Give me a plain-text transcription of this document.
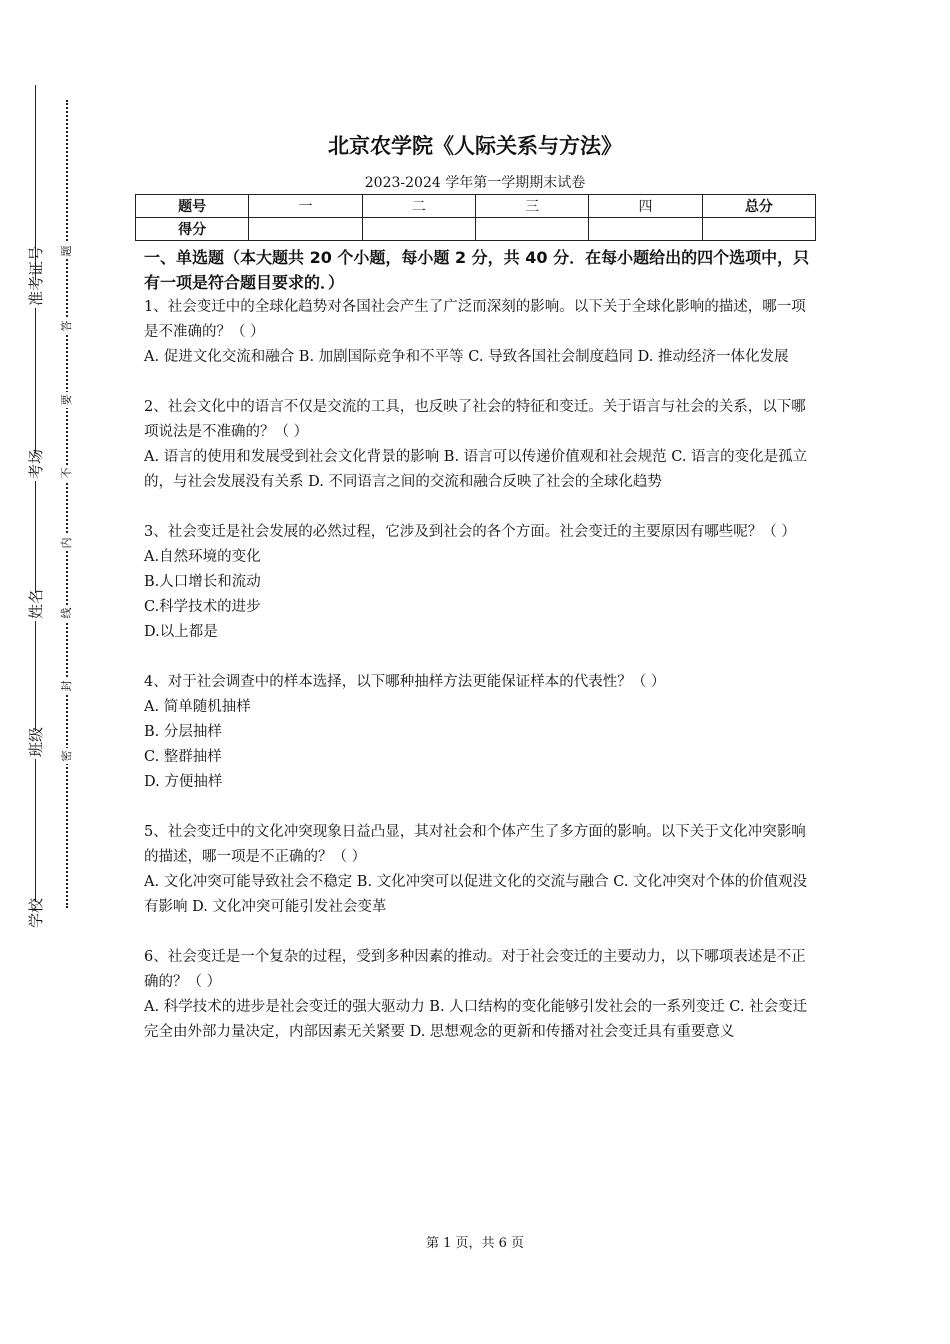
准考证号
考场
姓名
班级
学校
题
答
要
不
内
线
封
密
北京农学院《人际关系与方法》
2023-2024 学年第一学期期末试卷
题号	一	二	三	四	总分
得分					
一、单选题（本大题共 20 个小题，每小题 2 分，共 40 分．在每小题给出的四个选项中，只有一项是符合题目要求的．）

1、社会变迁中的全球化趋势对各国社会产生了广泛而深刻的影响。以下关于全球化影响的描述，哪一项是不准确的？（ ）

A. 促进文化交流和融合 B. 加剧国际竞争和不平等 C. 导致各国社会制度趋同 D. 推动经济一体化发展

2、社会文化中的语言不仅是交流的工具，也反映了社会的特征和变迁。关于语言与社会的关系，以下哪项说法是不准确的？（ ）

A. 语言的使用和发展受到社会文化背景的影响 B. 语言可以传递价值观和社会规范 C. 语言的变化是孤立的，与社会发展没有关系 D. 不同语言之间的交流和融合反映了社会的全球化趋势

3、社会变迁是社会发展的必然过程，它涉及到社会的各个方面。社会变迁的主要原因有哪些呢？（ ）

A.自然环境的变化

B.人口增长和流动

C.科学技术的进步

D.以上都是

4、对于社会调查中的样本选择，以下哪种抽样方法更能保证样本的代表性？（ ）

A. 简单随机抽样

B. 分层抽样

C. 整群抽样

D. 方便抽样

5、社会变迁中的文化冲突现象日益凸显，其对社会和个体产生了多方面的影响。以下关于文化冲突影响的描述，哪一项是不正确的？（ ）

A. 文化冲突可能导致社会不稳定 B. 文化冲突可以促进文化的交流与融合 C. 文化冲突对个体的价值观没有影响 D. 文化冲突可能引发社会变革

6、社会变迁是一个复杂的过程，受到多种因素的推动。对于社会变迁的主要动力，以下哪项表述是不正确的？（ ）

A. 科学技术的进步是社会变迁的强大驱动力 B. 人口结构的变化能够引发社会的一系列变迁 C. 社会变迁完全由外部力量决定，内部因素无关紧要 D. 思想观念的更新和传播对社会变迁具有重要意义

第 1 页，共 6 页
